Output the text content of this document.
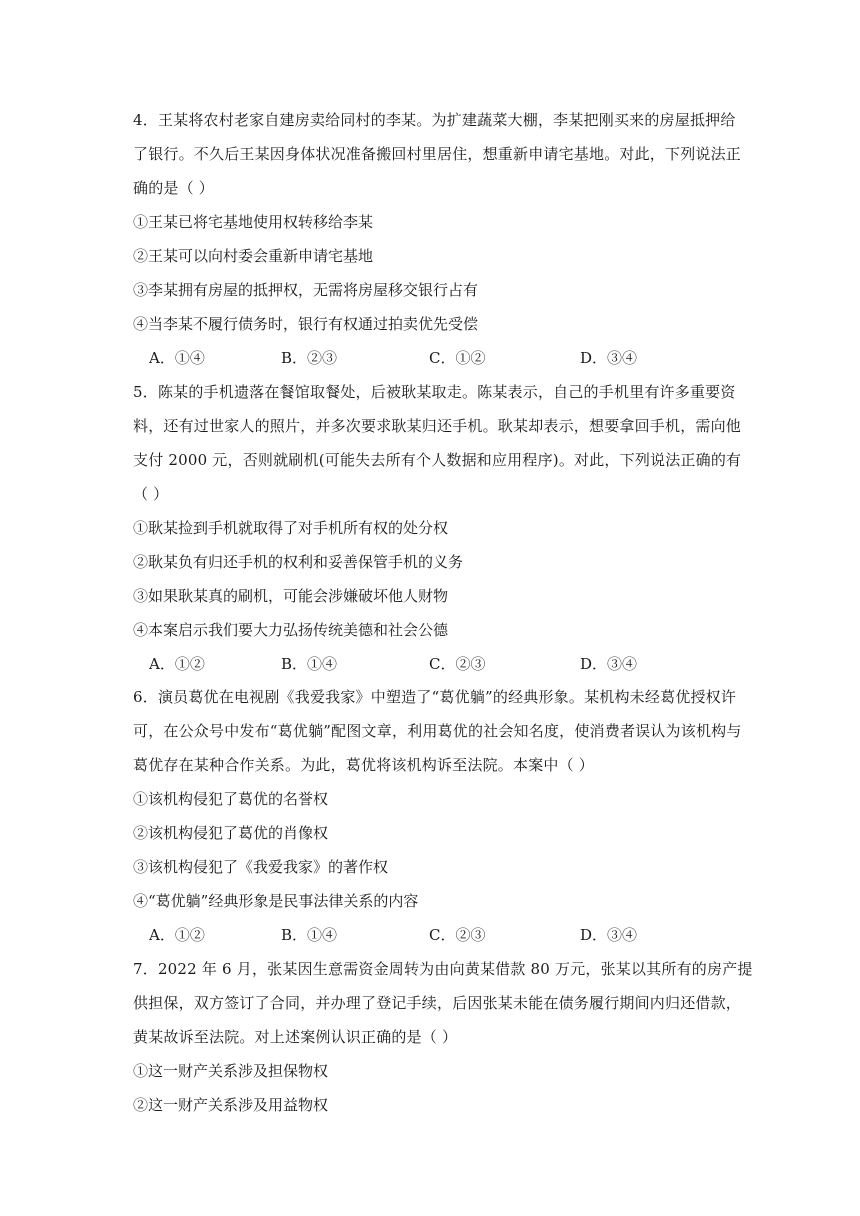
4．王某将农村老家自建房卖给同村的李某。为扩建蔬菜大棚，李某把刚买来的房屋抵押给
了银行。不久后王某因身体状况准备搬回村里居住，想重新申请宅基地。对此，下列说法正
确的是（ ）
①王某已将宅基地使用权转移给李某
②王某可以向村委会重新申请宅基地
③李某拥有房屋的抵押权，无需将房屋移交银行占有
④当李某不履行债务时，银行有权通过拍卖优先受偿
A．①④	B．②③	C．①②	D．③④
5．陈某的手机遗落在餐馆取餐处，后被耿某取走。陈某表示，自己的手机里有许多重要资
料，还有过世家人的照片，并多次要求耿某归还手机。耿某却表示，想要拿回手机，需向他
支付 2000 元，否则就刷机(可能失去所有个人数据和应用程序)。对此，下列说法正确的有
（ ）
①耿某捡到手机就取得了对手机所有权的处分权
②耿某负有归还手机的权利和妥善保管手机的义务
③如果耿某真的刷机，可能会涉嫌破坏他人财物
④本案启示我们要大力弘扬传统美德和社会公德
A．①②	B．①④	C．②③	D．③④
6．演员葛优在电视剧《我爱我家》中塑造了“葛优躺”的经典形象。某机构未经葛优授权许
可，在公众号中发布“葛优躺”配图文章，利用葛优的社会知名度，使消费者误认为该机构与
葛优存在某种合作关系。为此，葛优将该机构诉至法院。本案中（ ）
①该机构侵犯了葛优的名誉权
②该机构侵犯了葛优的肖像权
③该机构侵犯了《我爱我家》的著作权
④“葛优躺”经典形象是民事法律关系的内容
A．①②	B．①④	C．②③	D．③④
7．2022 年 6 月，张某因生意需资金周转为由向黄某借款 80 万元，张某以其所有的房产提
供担保，双方签订了合同，并办理了登记手续，后因张某未能在债务履行期间内归还借款，
黄某故诉至法院。对上述案例认识正确的是（ ）
①这一财产关系涉及担保物权
②这一财产关系涉及用益物权
